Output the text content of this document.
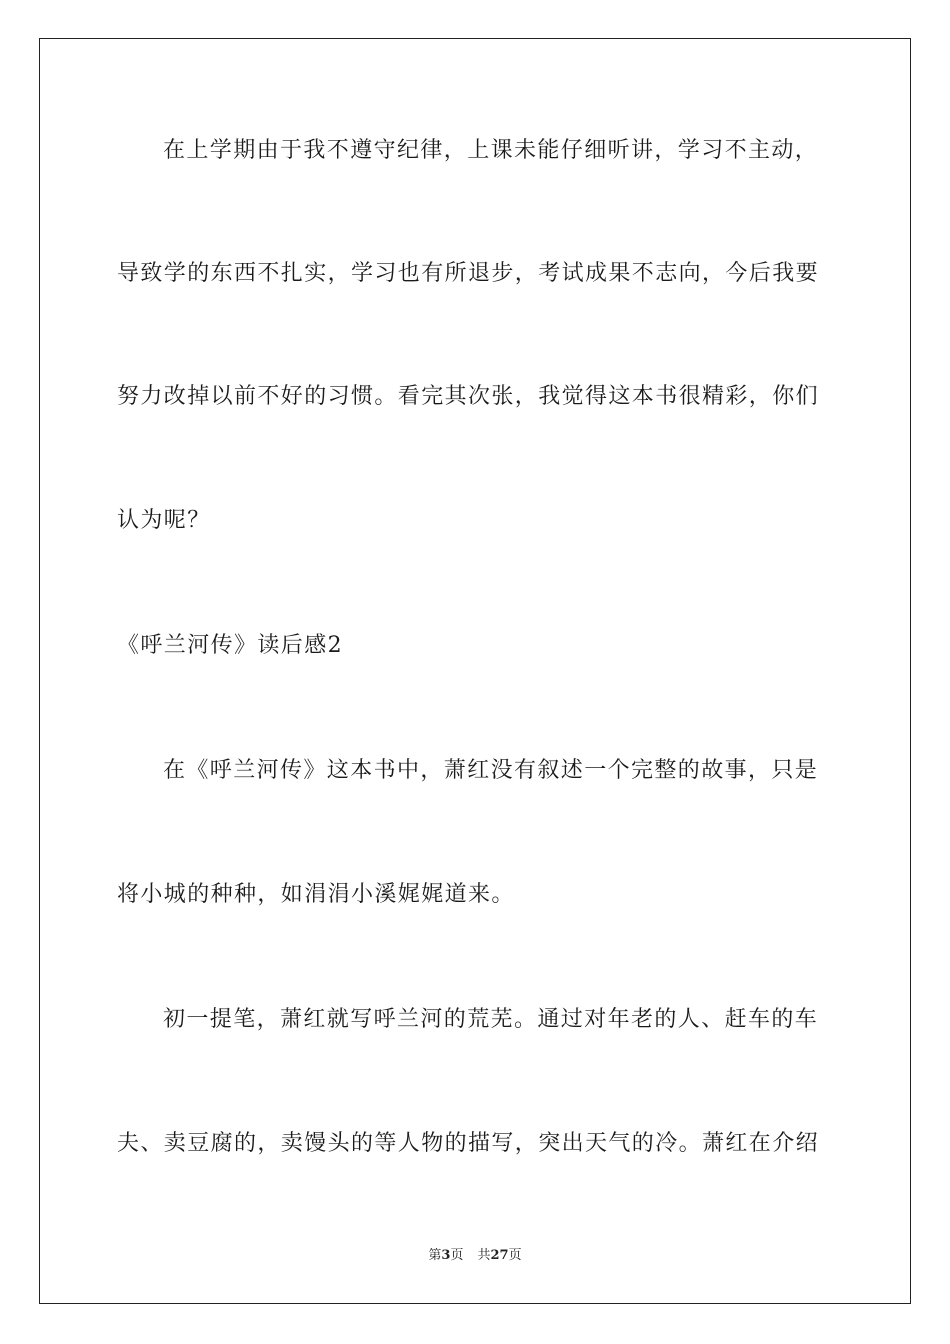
在上学期由于我不遵守纪律，上课未能仔细听讲，学习不主动，
导致学的东西不扎实，学习也有所退步，考试成果不志向，今后我要
努力改掉以前不好的习惯。看完其次张，我觉得这本书很精彩，你们
认为呢？
《呼兰河传》读后感2
在《呼兰河传》这本书中，萧红没有叙述一个完整的故事，只是
将小城的种种，如涓涓小溪娓娓道来。
初一提笔，萧红就写呼兰河的荒芜。通过对年老的人、赶车的车
夫、卖豆腐的，卖馒头的等人物的描写，突出天气的冷。萧红在介绍
第3页 共27页
